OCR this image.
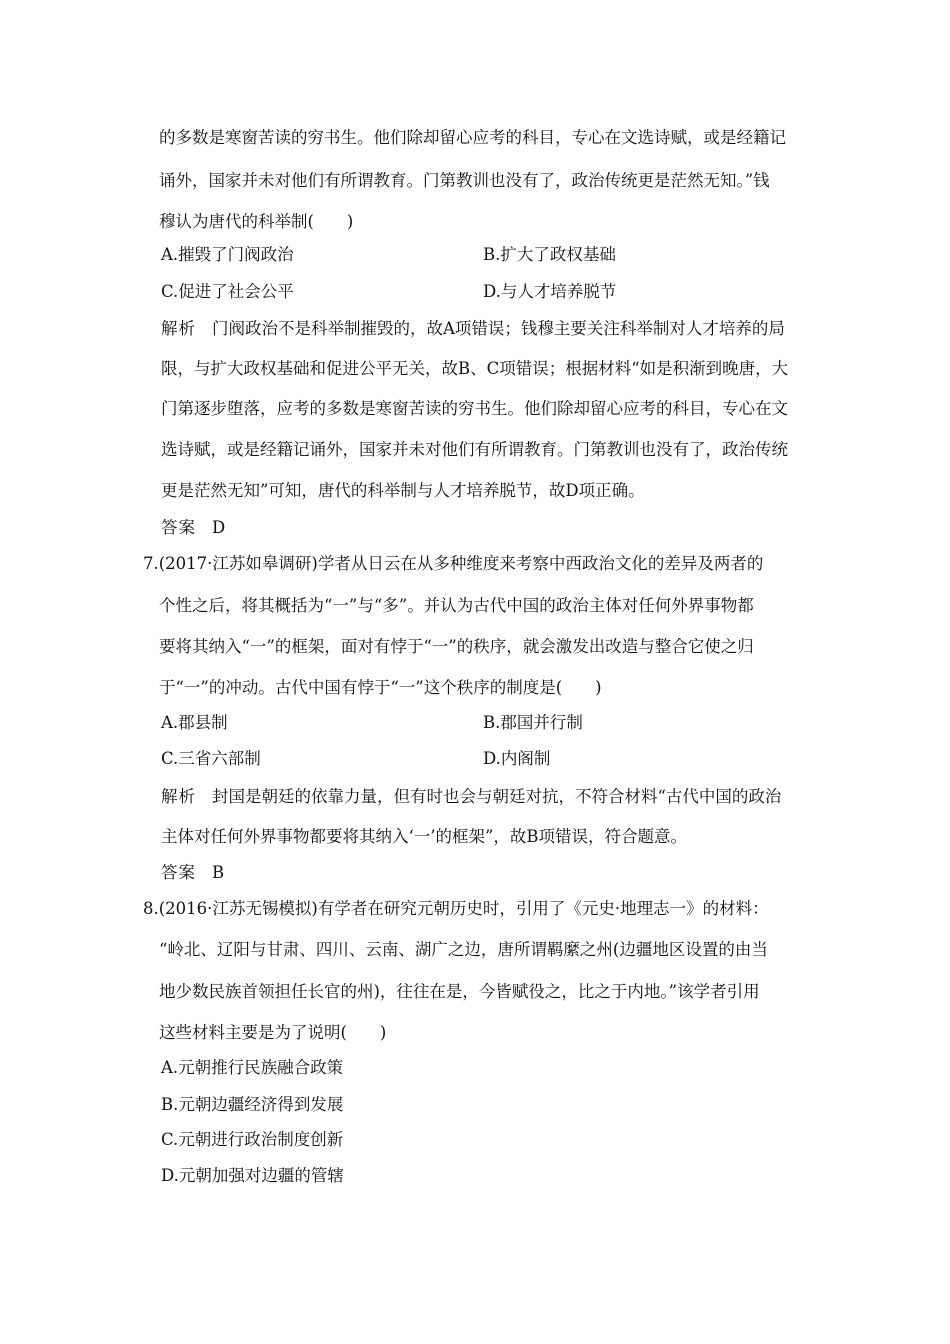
的多数是寒窗苦读的穷书生。他们除却留心应考的科目，专心在文选诗赋，或是经籍记
诵外，国家并未对他们有所谓教育。门第教训也没有了，政治传统更是茫然无知。”钱
穆认为唐代的科举制(　　)
A.摧毁了门阀政治	B.扩大了政权基础
C.促进了社会公平	D.与人才培养脱节
解析 门阀政治不是科举制摧毁的，故A项错误；钱穆主要关注科举制对人才培养的局
限，与扩大政权基础和促进公平无关，故B、C项错误；根据材料“如是积渐到晚唐，大
门第逐步堕落，应考的多数是寒窗苦读的穷书生。他们除却留心应考的科目，专心在文
选诗赋，或是经籍记诵外，国家并未对他们有所谓教育。门第教训也没有了，政治传统
更是茫然无知”可知，唐代的科举制与人才培养脱节，故D项正确。
答案 D
7.(2017·江苏如皋调研)学者从日云在从多种维度来考察中西政治文化的差异及两者的
个性之后，将其概括为“一”与“多”。并认为古代中国的政治主体对任何外界事物都
要将其纳入“一”的框架，面对有悖于“一”的秩序，就会激发出改造与整合它使之归
于“一”的冲动。古代中国有悖于“一”这个秩序的制度是(　　)
A.郡县制	B.郡国并行制
C.三省六部制	D.内阁制
解析 封国是朝廷的依靠力量，但有时也会与朝廷对抗，不符合材料“古代中国的政治
主体对任何外界事物都要将其纳入‘一’的框架”，故B项错误，符合题意。
答案 B
8.(2016·江苏无锡模拟)有学者在研究元朝历史时，引用了《元史·地理志一》的材料：
“岭北、辽阳与甘肃、四川、云南、湖广之边，唐所谓羁縻之州(边疆地区设置的由当
地少数民族首领担任长官的州)，往往在是，今皆赋役之，比之于内地。”该学者引用
这些材料主要是为了说明(　　)
A.元朝推行民族融合政策
B.元朝边疆经济得到发展
C.元朝进行政治制度创新
D.元朝加强对边疆的管辖
